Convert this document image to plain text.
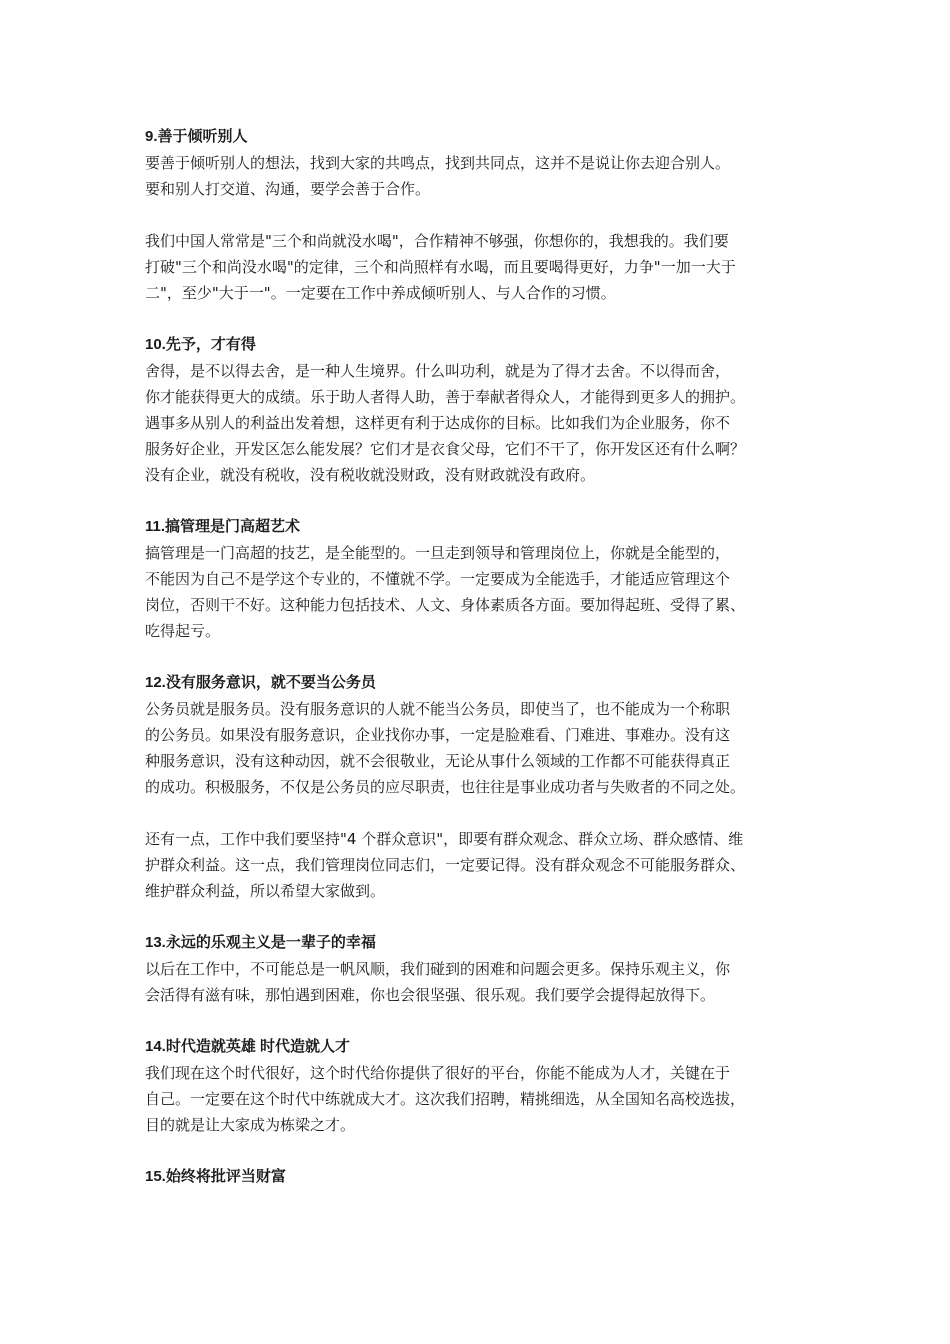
9.善于倾听别人
要善于倾听别人的想法，找到大家的共鸣点，找到共同点，这并不是说让你去迎合别人。
要和别人打交道、沟通，要学会善于合作。
我们中国人常常是"三个和尚就没水喝"，合作精神不够强，你想你的，我想我的。我们要
打破"三个和尚没水喝"的定律，三个和尚照样有水喝，而且要喝得更好，力争"一加一大于
二"，至少"大于一"。一定要在工作中养成倾听别人、与人合作的习惯。
10.先予，才有得
舍得，是不以得去舍，是一种人生境界。什么叫功利，就是为了得才去舍。不以得而舍，
你才能获得更大的成绩。乐于助人者得人助，善于奉献者得众人，才能得到更多人的拥护。
遇事多从别人的利益出发着想，这样更有利于达成你的目标。比如我们为企业服务，你不
服务好企业，开发区怎么能发展？它们才是衣食父母，它们不干了，你开发区还有什么啊？
没有企业，就没有税收，没有税收就没财政，没有财政就没有政府。
11.搞管理是门高超艺术
搞管理是一门高超的技艺，是全能型的。一旦走到领导和管理岗位上，你就是全能型的，
不能因为自己不是学这个专业的，不懂就不学。一定要成为全能选手，才能适应管理这个
岗位，否则干不好。这种能力包括技术、人文、身体素质各方面。要加得起班、受得了累、
吃得起亏。
12.没有服务意识，就不要当公务员
公务员就是服务员。没有服务意识的人就不能当公务员，即使当了，也不能成为一个称职
的公务员。如果没有服务意识，企业找你办事，一定是脸难看、门难进、事难办。没有这
种服务意识，没有这种动因，就不会很敬业，无论从事什么领域的工作都不可能获得真正
的成功。积极服务，不仅是公务员的应尽职责，也往往是事业成功者与失败者的不同之处。
还有一点，工作中我们要坚持"4 个群众意识"，即要有群众观念、群众立场、群众感情、维
护群众利益。这一点，我们管理岗位同志们，一定要记得。没有群众观念不可能服务群众、
维护群众利益，所以希望大家做到。
13.永远的乐观主义是一辈子的幸福
以后在工作中，不可能总是一帆风顺，我们碰到的困难和问题会更多。保持乐观主义，你
会活得有滋有味，那怕遇到困难，你也会很坚强、很乐观。我们要学会提得起放得下。
14.时代造就英雄 时代造就人才
我们现在这个时代很好，这个时代给你提供了很好的平台，你能不能成为人才，关键在于
自己。一定要在这个时代中练就成大才。这次我们招聘，精挑细选，从全国知名高校选拔，
目的就是让大家成为栋梁之才。
15.始终将批评当财富
